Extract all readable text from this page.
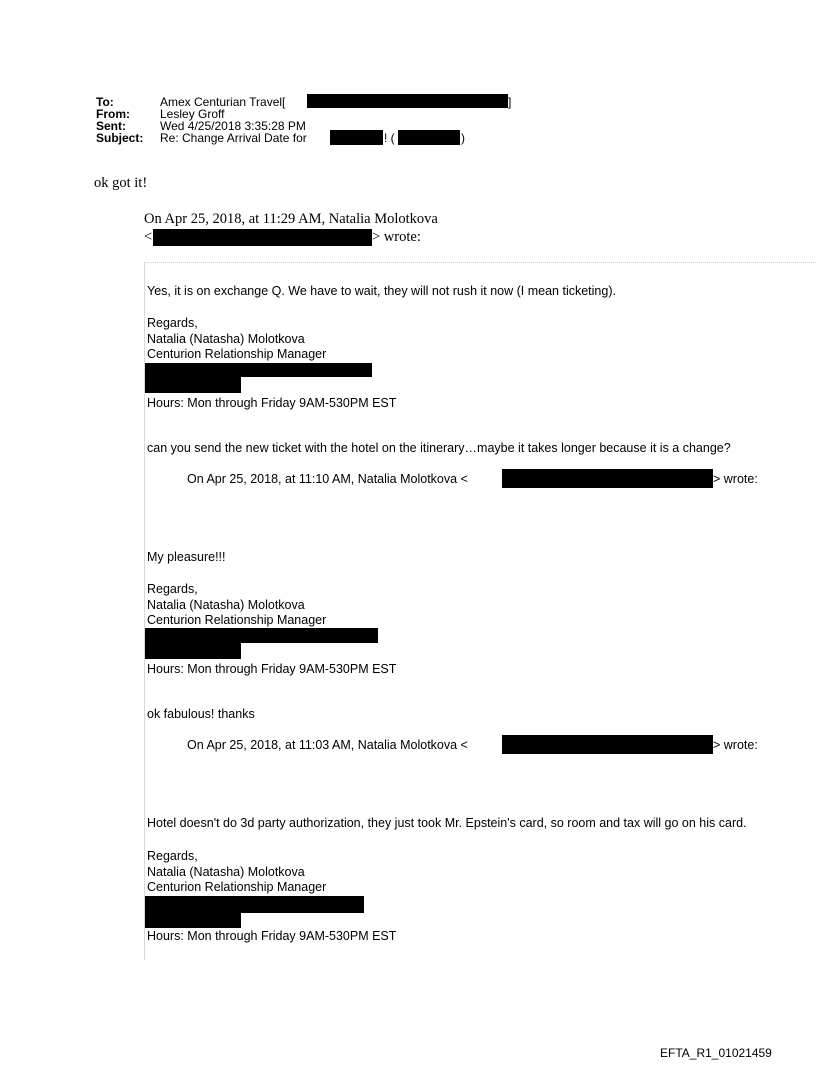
To:	Amex Centurian Travel[	]
From:	Lesley Groff
Sent:	Wed 4/25/2018 3:35:28 PM
Subject: Re: Change Arrival Date for	! (	)
ok got it!
On Apr 25, 2018, at 11:29 AM, Natalia Molotkova
<	> wrote:
Yes, it is on exchange Q. We have to wait, they will not rush it now (I mean ticketing).
Regards,
Natalia (Natasha) Molotkova
Centurion Relationship Manager
Hours: Mon through Friday 9AM-530PM EST
can you send the new ticket with the hotel on the itinerary…maybe it takes longer because it is a change?
On Apr 25, 2018, at 11:10 AM, Natalia Molotkova <	> wrote:
My pleasure!!!
Regards,
Natalia (Natasha) Molotkova
Centurion Relationship Manager
Hours: Mon through Friday 9AM-530PM EST
ok fabulous! thanks
On Apr 25, 2018, at 11:03 AM, Natalia Molotkova <	> wrote:
Hotel doesn't do 3d party authorization, they just took Mr. Epstein's card, so room and tax will go on his card.
Regards,
Natalia (Natasha) Molotkova
Centurion Relationship Manager
Hours: Mon through Friday 9AM-530PM EST
EFTA_R1_01021459
